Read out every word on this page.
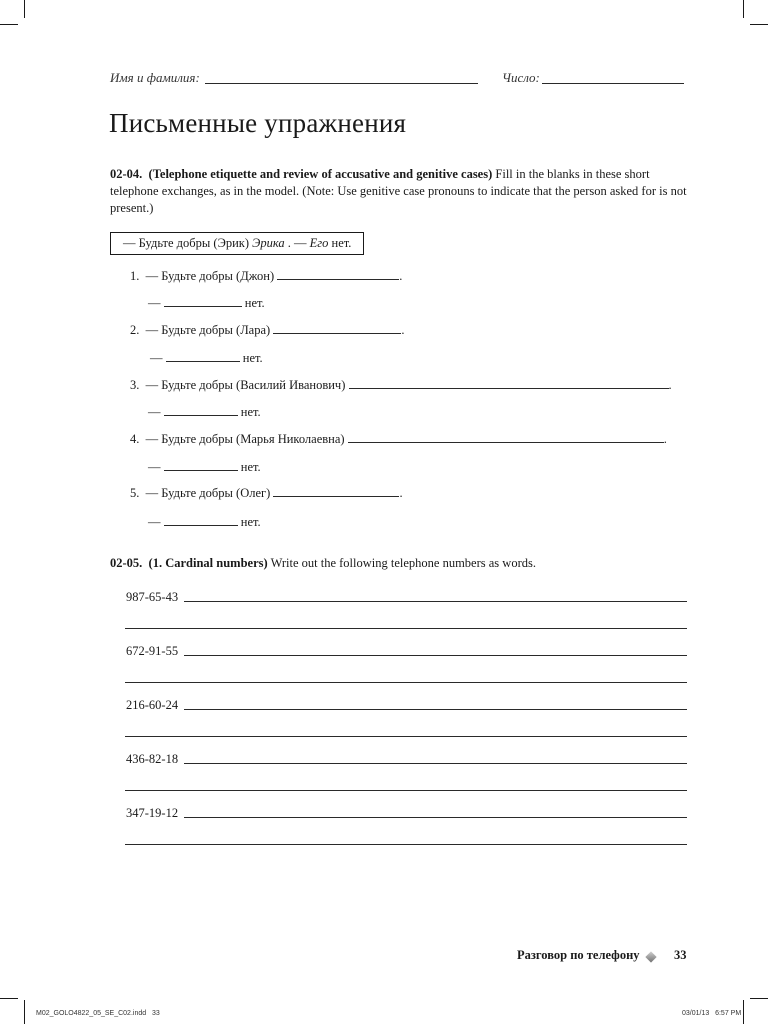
Имя и фамилия:	Число:
Письменные упражнения
02-04. (Telephone etiquette and review of accusative and genitive cases) Fill in the blanks in these short telephone exchanges, as in the model. (Note: Use genitive case pronouns to indicate that the person asked for is not present.)
— Будьте добры (Эрик) Эрика . — Его нет.
1. — Будьте добры (Джон)	.
—	нет.
2. — Будьте добры (Лара)	.
—	нет.
3. — Будьте добры (Василий Иванович)	.
—	нет.
4. — Будьте добры (Марья Николаевна)	.
—	нет.
5. — Будьте добры (Олег)	.
—	нет.
02-05. (1. Cardinal numbers) Write out the following telephone numbers as words.
987-65-43
672-91-55
216-60-24
436-82-18
347-19-12
Разговор по телефону	33
M02_GOLO4822_05_SE_C02.indd   33	03/01/13   6:57 PM
